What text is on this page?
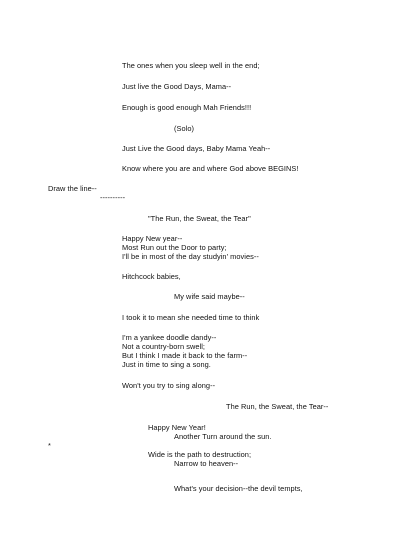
The ones when you sleep well in the end;
Just live the Good Days, Mama--
Enough is good enough Mah Friends!!!
(Solo)
Just Live the Good days, Baby Mama Yeah--
Know where you are and where God above BEGINS!
Draw the line--
----------
"The Run, the Sweat, the Tear"
Happy New year--
Most Run out the Door to party;
I'll be in most of the day studyin' movies--
Hitchcock babies,
My wife said maybe--
I took it to mean she needed time to think
I'm a yankee doodle dandy--
Not a country-born swell;
But I think I made it back to the farm--
Just in time to sing a song.
Won't you try to sing along--
The Run, the Sweat, the Tear--
Happy New Year!
Another Turn around the sun.
*
Wide is the path to destruction;
Narrow to heaven--
What's your decision--the devil tempts,
